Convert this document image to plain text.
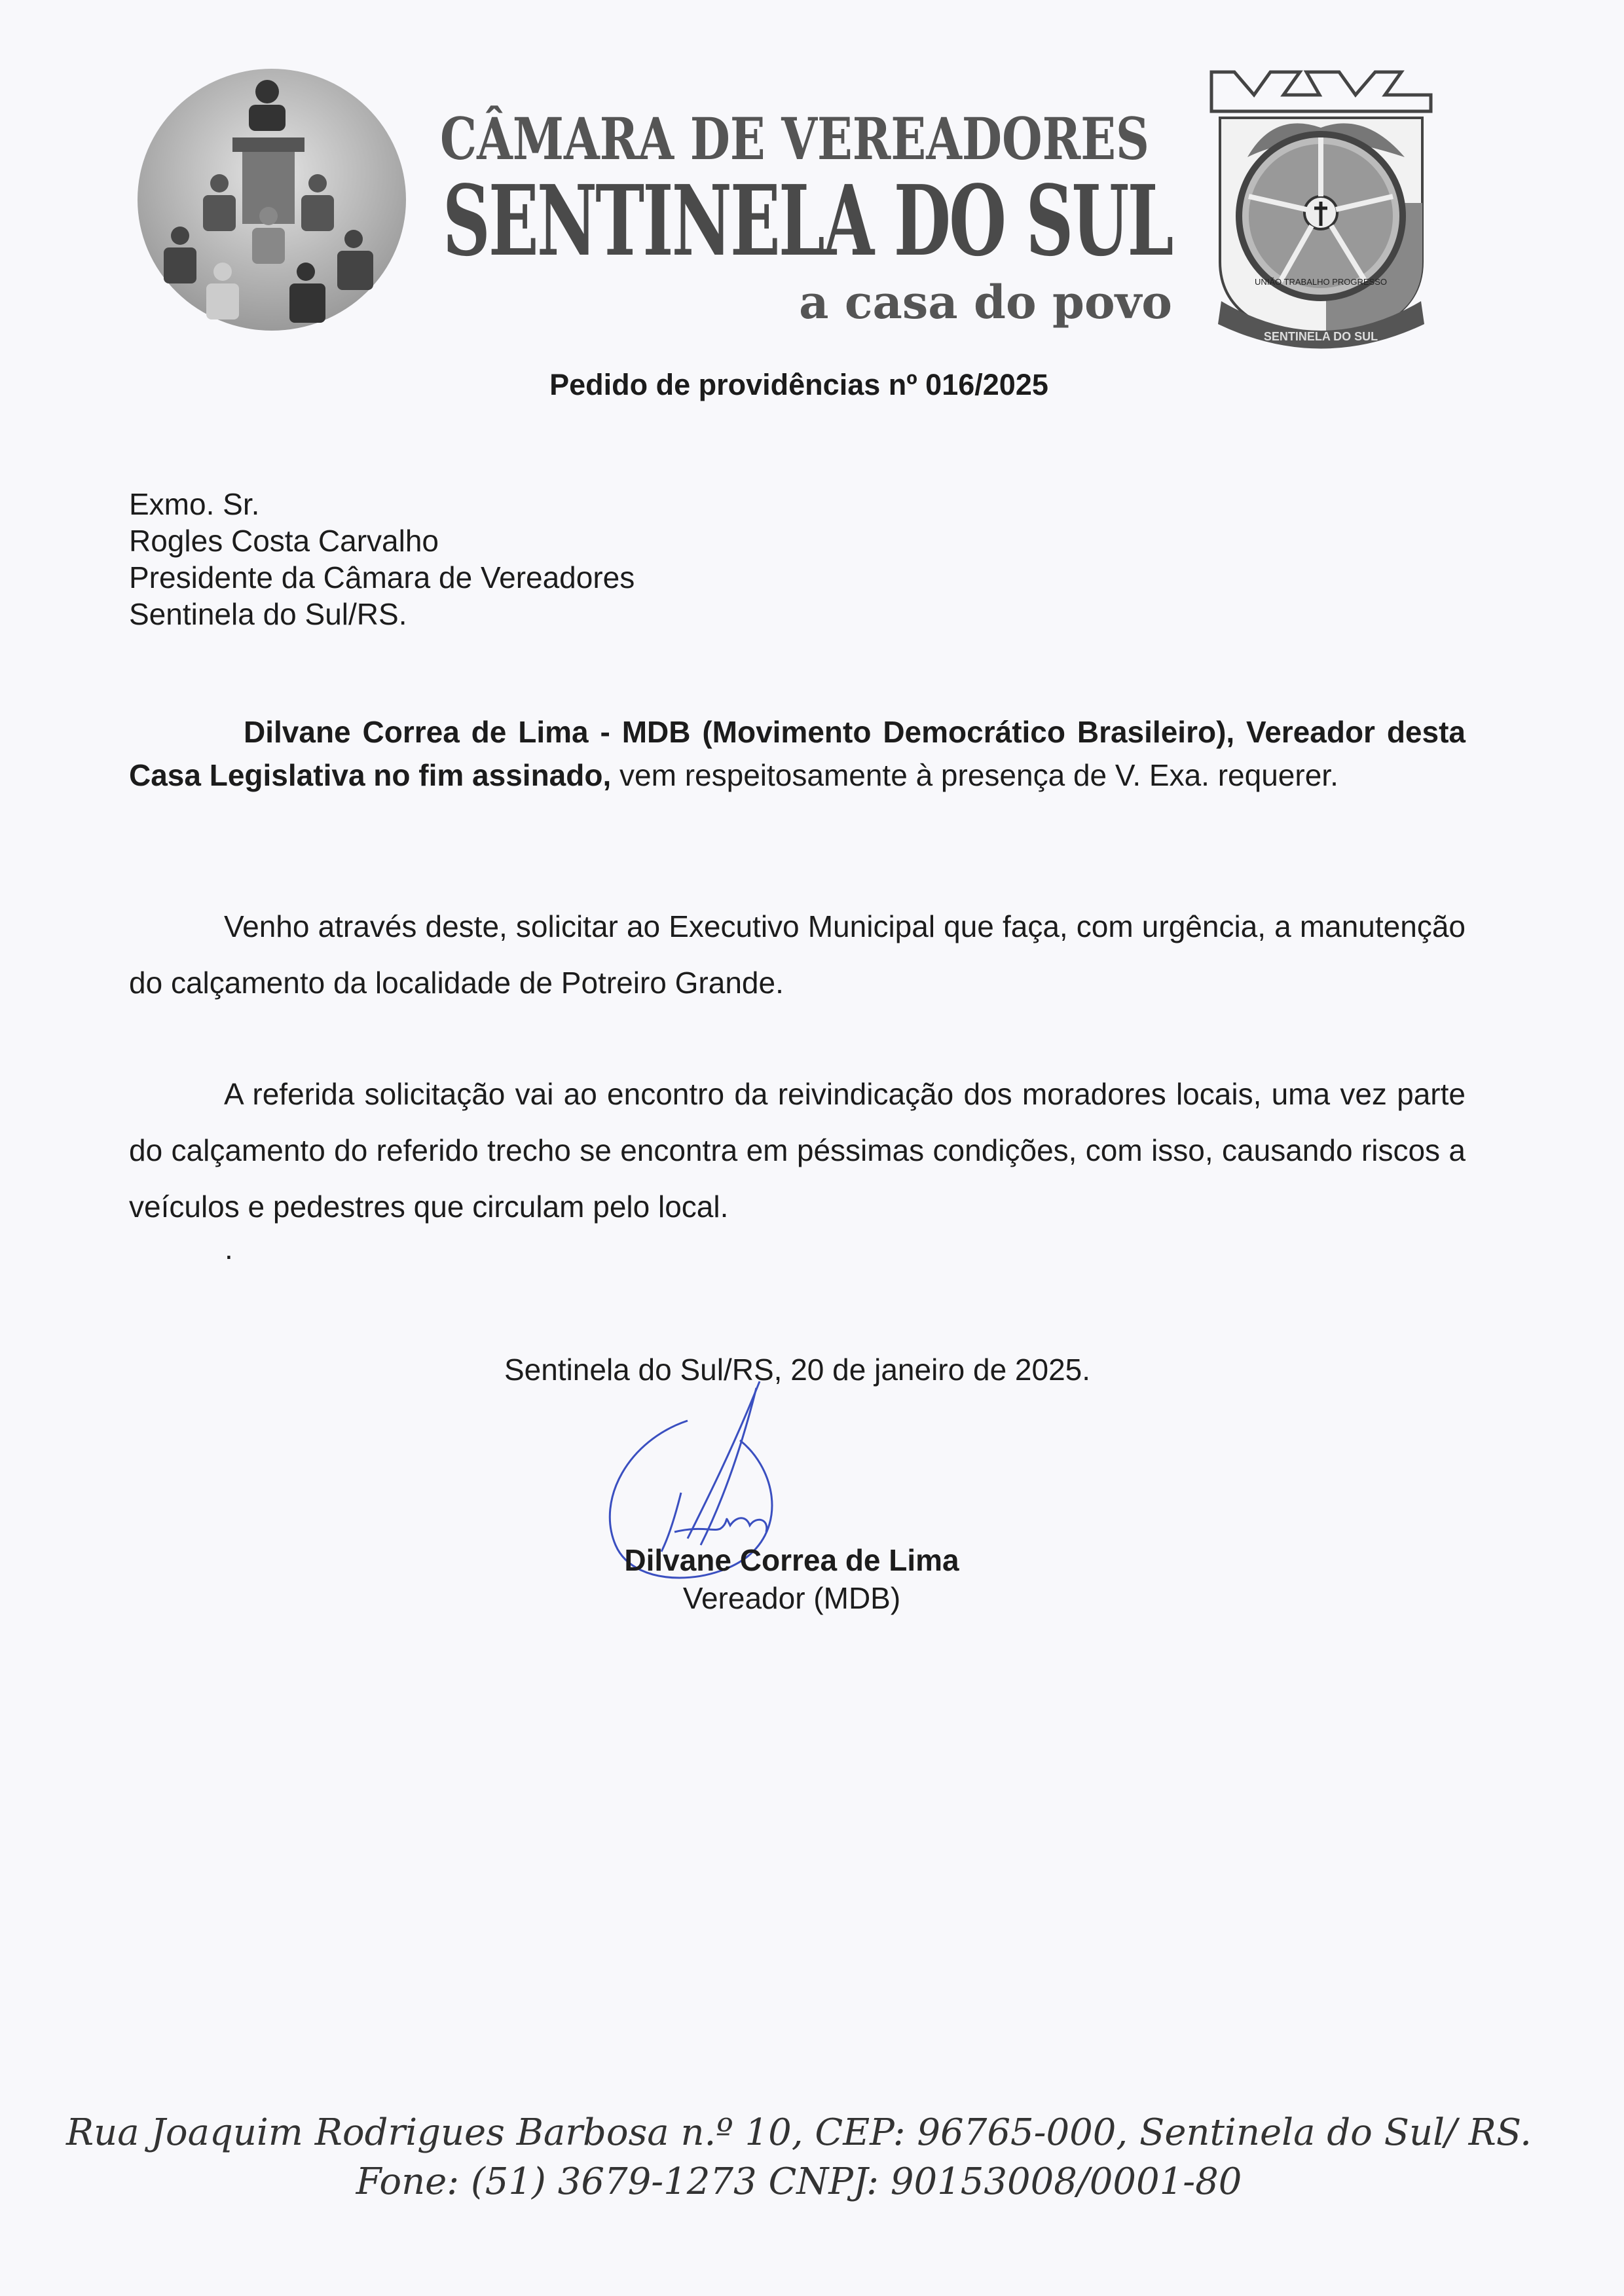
CÂMARA DE VEREADORES
SENTINELA DO SUL
a casa do povo
SENTINELA DO SUL
UNIÃO TRABALHO PROGRESSO
Pedido de providências nº 016/2025
Exmo. Sr.
Rogles Costa Carvalho
Presidente da Câmara de Vereadores
Sentinela do Sul/RS.
Dilvane Correa de Lima - MDB (Movimento Democrático Brasileiro), Vereador desta Casa Legislativa no fim assinado, vem respeitosamente à presença de V. Exa. requerer.
Venho através deste, solicitar ao Executivo Municipal que faça, com urgência, a manutenção do calçamento da localidade de Potreiro Grande.
A referida solicitação vai ao encontro da reivindicação dos moradores locais, uma vez parte do calçamento do referido trecho se encontra em péssimas condições, com isso, causando riscos a veículos e pedestres que circulam pelo local.
.
Sentinela do Sul/RS, 20 de janeiro de 2025.
Dilvane Correa de Lima
Vereador (MDB)
Rua Joaquim Rodrigues Barbosa n.º 10, CEP: 96765-000, Sentinela do Sul/ RS.
Fone: (51) 3679-1273 CNPJ: 90153008/0001-80
